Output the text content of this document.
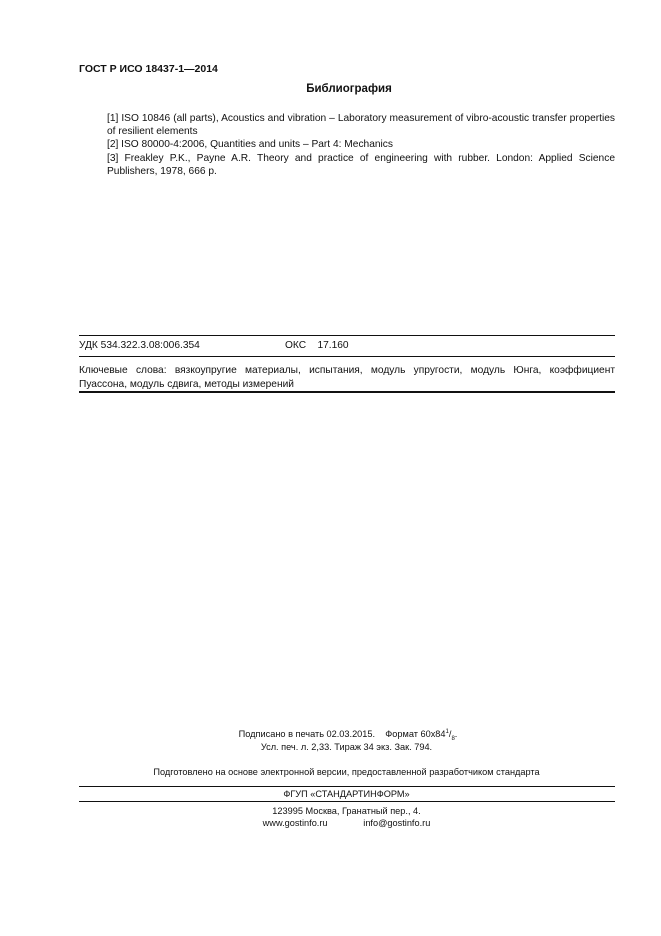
ГОСТ Р ИСО 18437-1—2014
Библиография
[1] ISO 10846 (all parts), Acoustics and vibration – Laboratory measurement of vibro-acoustic transfer properties of resilient elements
[2] ISO 80000-4:2006, Quantities and units – Part 4: Mechanics
[3] Freakley P.K., Payne A.R. Theory and practice of engineering with rubber. London: Applied Science Publishers, 1978, 666 p.
УДК 534.322.3.08:006.354	ОКС 17.160
Ключевые слова: вязкоупругие материалы, испытания, модуль упругости, модуль Юнга, коэффициент
Пуассона, модуль сдвига, методы измерений
Подписано в печать 02.03.2015. Формат $60x84^1/_8$.
Усл. печ. л. 2,33. Тираж 34 экз. Зак. 794.
Подготовлено на основе электронной версии, предоставленной разработчиком стандарта
ФГУП «СТАНДАРТИНФОРМ»
123995 Москва, Гранатный пер., 4.
www.gostinfo.ru	info@gostinfo.ru
